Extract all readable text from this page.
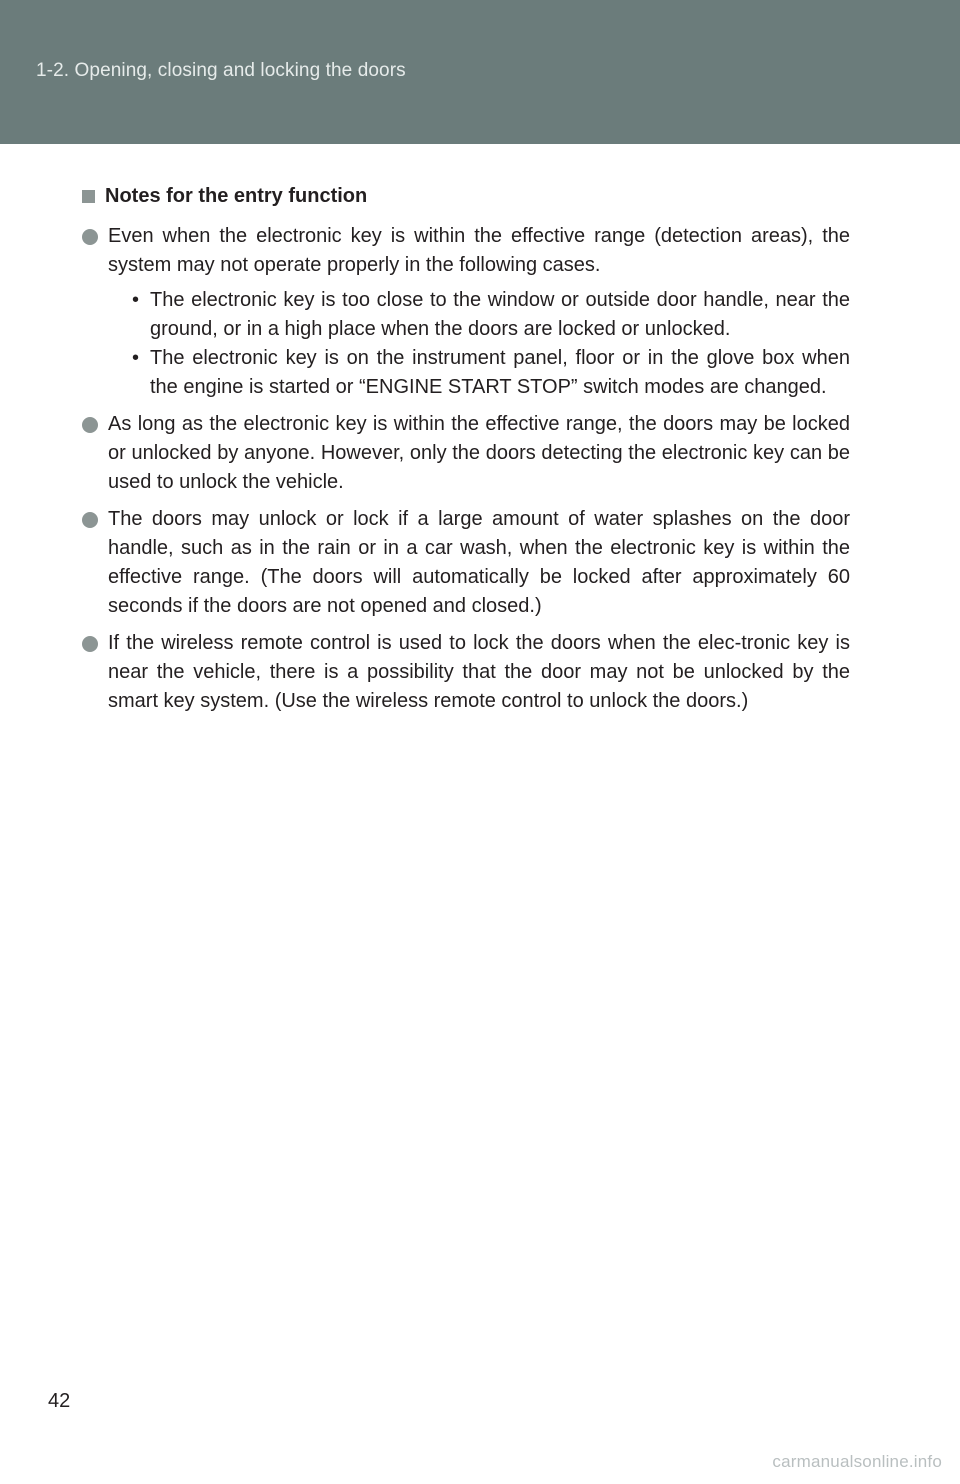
1-2. Opening, closing and locking the doors
Notes for the entry function
Even when the electronic key is within the effective range (detection areas), the system may not operate properly in the following cases.
• The electronic key is too close to the window or outside door handle, near the ground, or in a high place when the doors are locked or unlocked.
• The electronic key is on the instrument panel, floor or in the glove box when the engine is started or “ENGINE START STOP” switch modes are changed.
As long as the electronic key is within the effective range, the doors may be locked or unlocked by anyone. However, only the doors detecting the electronic key can be used to unlock the vehicle.
The doors may unlock or lock if a large amount of water splashes on the door handle, such as in the rain or in a car wash, when the electronic key is within the effective range. (The doors will automatically be locked after approximately 60 seconds if the doors are not opened and closed.)
If the wireless remote control is used to lock the doors when the elec-tronic key is near the vehicle, there is a possibility that the door may not be unlocked by the smart key system. (Use the wireless remote control to unlock the doors.)
42
carmanualsonline.info
